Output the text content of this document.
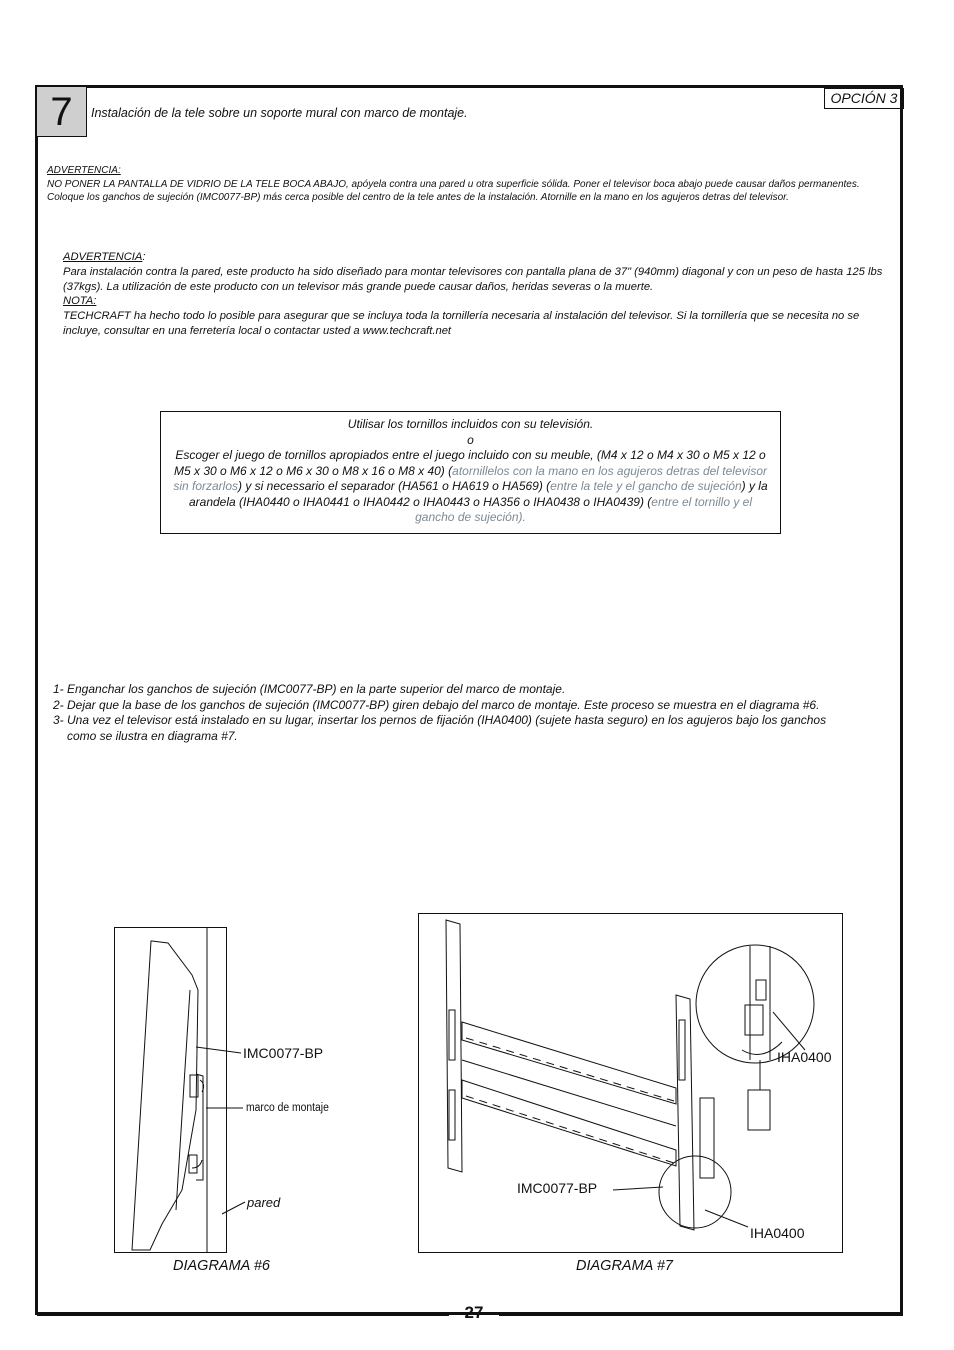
7	Instalación de la tele sobre un soporte mural con marco de montaje.
OPCIÓN 3
ADVERTENCIA:
NO PONER LA PANTALLA DE VIDRIO DE LA TELE BOCA ABAJO, apóyela contra una pared u otra superficie sólida. Poner el televisor boca abajo puede causar daños permanentes. Coloque los ganchos de sujeción (IMC0077-BP) más cerca posible del centro de la tele antes de la instalación. Atornille en la mano en los agujeros detras del televisor.
ADVERTENCIA:
Para instalación contra la pared, este producto ha sido diseñado para montar televisores con pantalla plana de 37" (940mm) diagonal y con un peso de hasta 125 lbs (37kgs). La utilización de este producto con un televisor más grande puede causar daños, heridas severas o la muerte.
NOTA:
TECHCRAFT ha hecho todo lo posible para asegurar que se incluya toda la tornillería necesaria al instalación del televisor. Si la tornillería que se necesita no se incluye, consultar en una ferretería local o contactar usted a www.techcraft.net
Utilisar los tornillos incluidos con su televisión.
o
Escoger el juego de tornillos apropiados entre el juego incluido con su meuble, (M4 x 12 o M4 x 30 o M5 x 12 o M5 x 30 o M6 x 12 o M6 x 30 o M8 x 16 o M8 x 40) (atornillelos con la mano en los agujeros detras del televisor sin forzarlos) y si necessario el separador (HA561 o HA619 o HA569) (entre la tele y el gancho de sujeción) y la arandela (IHA0440 o IHA0441 o IHA0442 o IHA0443 o HA356 o IHA0438 o IHA0439) (entre el tornillo y el gancho de sujeción).

1- Enganchar los ganchos de sujeción (IMC0077-BP) en la parte superior del marco de montaje.

2- Dejar que la base de los ganchos de sujeción (IMC0077-BP) giren debajo del marco de montaje. Este proceso se muestra en el diagrama #6.

3- Una vez el televisor está instalado en su lugar, insertar los pernos de fijación (IHA0400) (sujete hasta seguro) en los agujeros bajo los ganchos

como se ilustra en diagrama #7.

IMC0077-BP
marco de montaje
pared
DIAGRAMA #6
IHA0400
IMC0077-BP
IHA0400
DIAGRAMA #7
27
